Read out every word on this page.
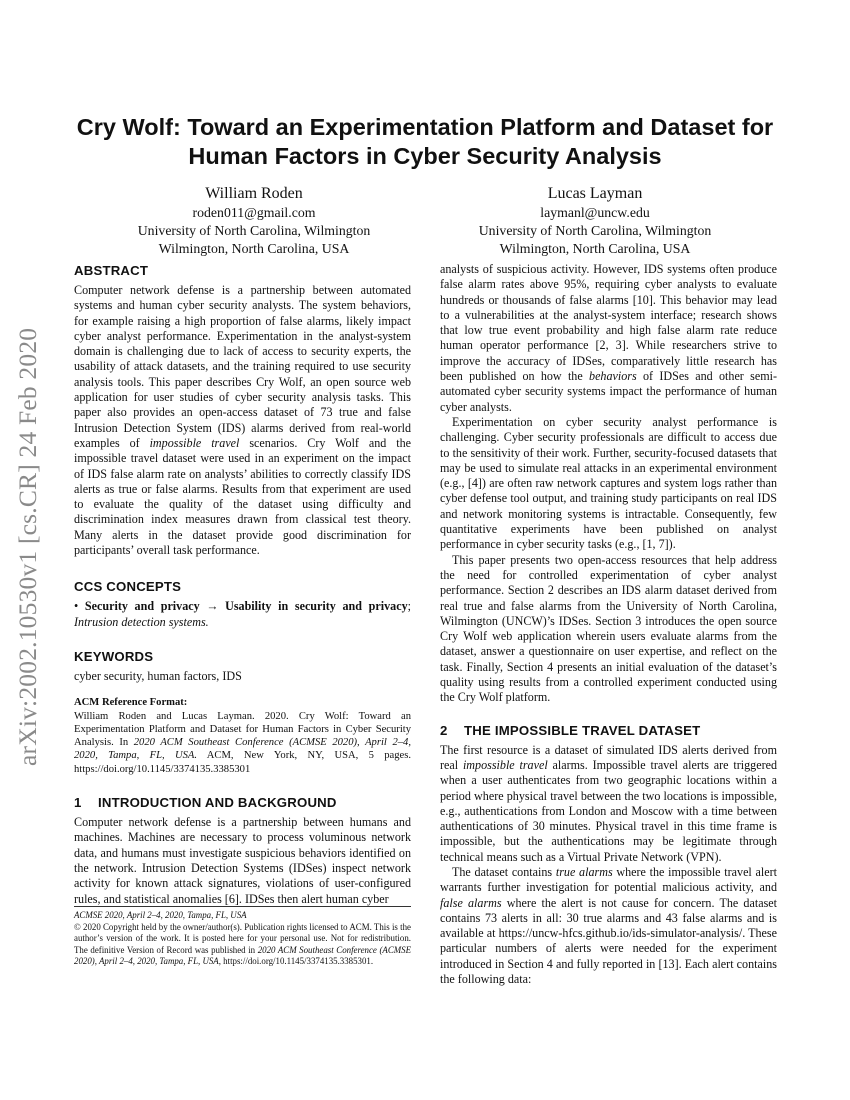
arXiv:2002.10530v1 [cs.CR] 24 Feb 2020
Cry Wolf: Toward an Experimentation Platform and Dataset for
Human Factors in Cyber Security Analysis
William Roden
roden011@gmail.com
University of North Carolina, Wilmington
Wilmington, North Carolina, USA
Lucas Layman
laymanl@uncw.edu
University of North Carolina, Wilmington
Wilmington, North Carolina, USA
ABSTRACT

Computer network defense is a partnership between automated systems and human cyber security analysts. The system behaviors, for example raising a high proportion of false alarms, likely impact cyber analyst performance. Experimentation in the analyst-system domain is challenging due to lack of access to security experts, the usability of attack datasets, and the training required to use security analysis tools. This paper describes Cry Wolf, an open source web application for user studies of cyber security analysis tasks. This paper also provides an open-access dataset of 73 true and false Intrusion Detection System (IDS) alarms derived from real-world examples of impossible travel scenarios. Cry Wolf and the impossible travel dataset were used in an experiment on the impact of IDS false alarm rate on analysts’ abilities to correctly classify IDS alerts as true or false alarms. Results from that experiment are used to evaluate the quality of the dataset using difficulty and discrimination index measures drawn from classical test theory. Many alerts in the dataset provide good discrimination for participants’ overall task performance.

CCS CONCEPTS

• Security and privacy → Usability in security and privacy; Intrusion detection systems.

KEYWORDS

cyber security, human factors, IDS

ACM Reference Format:

William Roden and Lucas Layman. 2020. Cry Wolf: Toward an Experimentation Platform and Dataset for Human Factors in Cyber Security Analysis. In 2020 ACM Southeast Conference (ACMSE 2020), April 2–4, 2020, Tampa, FL, USA. ACM, New York, NY, USA, 5 pages. https://doi.org/10.1145/3374135.3385301

1 INTRODUCTION AND BACKGROUND

Computer network defense is a partnership between humans and machines. Machines are necessary to process voluminous network data, and humans must investigate suspicious behaviors identified on the network. Intrusion Detection Systems (IDSes) inspect network activity for known attack signatures, violations of user-configured rules, and statistical anomalies [6]. IDSes then alert human cyber

ACMSE 2020, April 2–4, 2020, Tampa, FL, USA

© 2020 Copyright held by the owner/author(s). Publication rights licensed to ACM. This is the author’s version of the work. It is posted here for your personal use. Not for redistribution. The definitive Version of Record was published in 2020 ACM Southeast Conference (ACMSE 2020), April 2–4, 2020, Tampa, FL, USA, https://doi.org/10.1145/3374135.3385301.

analysts of suspicious activity. However, IDS systems often produce false alarm rates above 95%, requiring cyber analysts to evaluate hundreds or thousands of false alarms [10]. This behavior may lead to a vulnerabilities at the analyst-system interface; research shows that low true event probability and high false alarm rate reduce human operator performance [2, 3]. While researchers strive to improve the accuracy of IDSes, comparatively little research has been published on how the behaviors of IDSes and other semi-automated cyber security systems impact the performance of human cyber analysts.

Experimentation on cyber security analyst performance is challenging. Cyber security professionals are difficult to access due to the sensitivity of their work. Further, security-focused datasets that may be used to simulate real attacks in an experimental environment (e.g., [4]) are often raw network captures and system logs rather than cyber defense tool output, and training study participants on real IDS and network monitoring systems is intractable. Consequently, few quantitative experiments have been published on analyst performance in cyber security tasks (e.g., [1, 7]).

This paper presents two open-access resources that help address the need for controlled experimentation of cyber analyst performance. Section 2 describes an IDS alarm dataset derived from real true and false alarms from the University of North Carolina, Wilmington (UNCW)’s IDSes. Section 3 introduces the open source Cry Wolf web application wherein users evaluate alarms from the dataset, answer a questionnaire on user expertise, and reflect on the task. Finally, Section 4 presents an initial evaluation of the dataset’s quality using results from a controlled experiment conducted using the Cry Wolf platform.

2 THE IMPOSSIBLE TRAVEL DATASET

The first resource is a dataset of simulated IDS alerts derived from real impossible travel alarms. Impossible travel alerts are triggered when a user authenticates from two geographic locations within a period where physical travel between the two locations is impossible, e.g., authentications from London and Moscow with a time between authentications of 30 minutes. Physical travel in this time frame is impossible, but the authentications may be legitimate through technical means such as a Virtual Private Network (VPN).

The dataset contains true alarms where the impossible travel alert warrants further investigation for potential malicious activity, and false alarms where the alert is not cause for concern. The dataset contains 73 alerts in all: 30 true alarms and 43 false alarms and is available at https://uncw-hfcs.github.io/ids-simulator-analysis/. These particular numbers of alerts were needed for the experiment introduced in Section 4 and fully reported in [13]. Each alert contains the following data:
